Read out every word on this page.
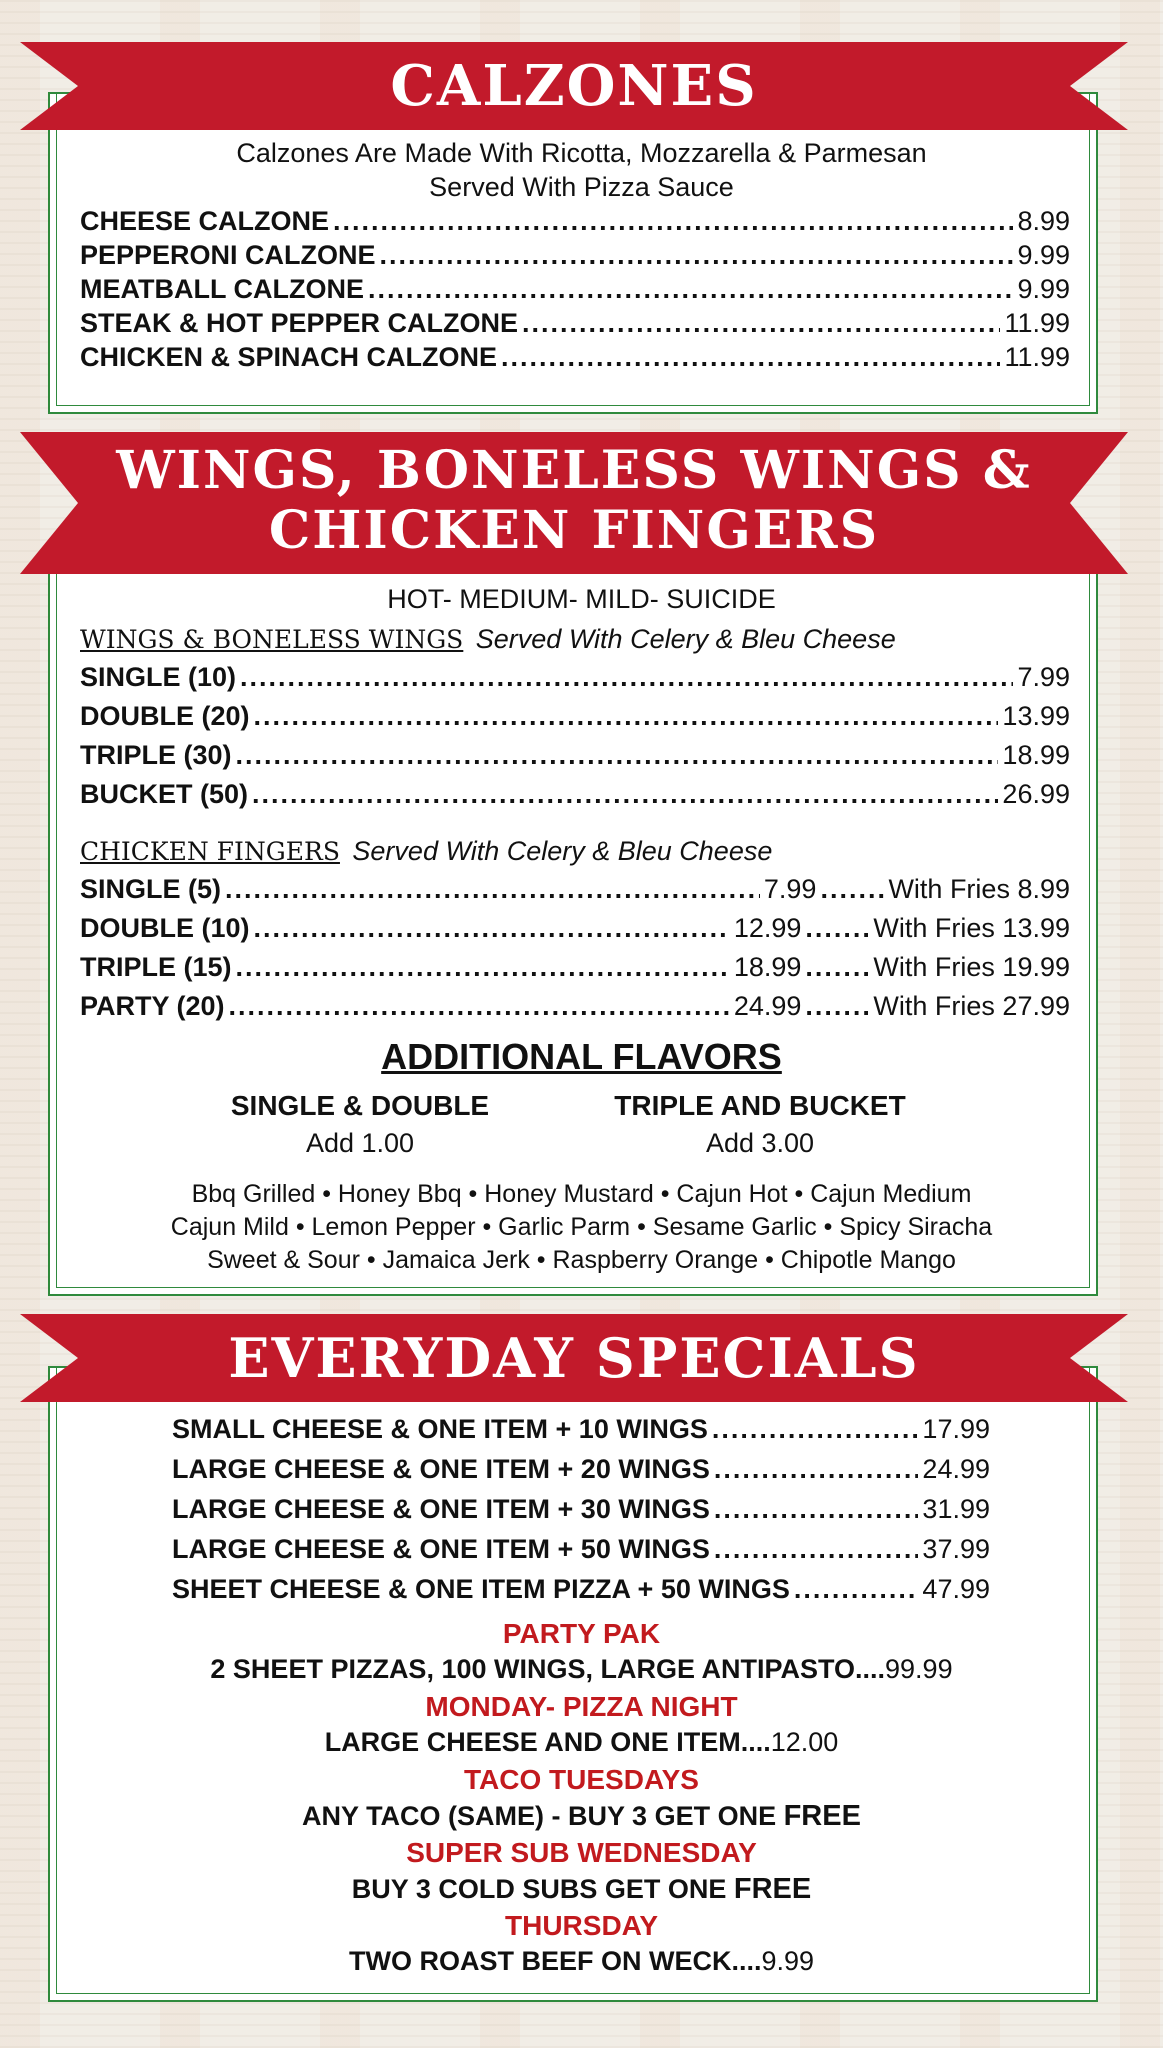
CALZONES
Calzones Are Made With Ricotta, Mozzarella & Parmesan
Served With Pizza Sauce
CHEESE CALZONE .....	8.99
PEPPERONI CALZONE .....	9.99
MEATBALL CALZONE .....	9.99
STEAK & HOT PEPPER CALZONE .....	11.99
CHICKEN & SPINACH CALZONE .....	11.99
WINGS, BONELESS WINGS &
CHICKEN FINGERS
HOT- MEDIUM- MILD- SUICIDE
WINGS & BONELESS WINGS Served With Celery & Bleu Cheese
SINGLE (10) .....	7.99
DOUBLE (20) .....	13.99
TRIPLE (30) .....	18.99
BUCKET (50) .....	26.99
CHICKEN FINGERS Served With Celery & Bleu Cheese
SINGLE (5) .....	7.99 .....	With Fries 8.99
DOUBLE (10) .....	12.99 .....	With Fries 13.99
TRIPLE (15) .....	18.99 .....	With Fries 19.99
PARTY (20) .....	24.99 .....	With Fries 27.99
ADDITIONAL FLAVORS
SINGLE & DOUBLE
Add 1.00
TRIPLE AND BUCKET
Add 3.00
Bbq Grilled • Honey Bbq • Honey Mustard • Cajun Hot • Cajun Medium
Cajun Mild • Lemon Pepper • Garlic Parm • Sesame Garlic • Spicy Siracha
Sweet & Sour • Jamaica Jerk • Raspberry Orange • Chipotle Mango
EVERYDAY SPECIALS
SMALL CHEESE & ONE ITEM + 10 WINGS .....	17.99
LARGE CHEESE & ONE ITEM + 20 WINGS .....	24.99
LARGE CHEESE & ONE ITEM + 30 WINGS .....	31.99
LARGE CHEESE & ONE ITEM + 50 WINGS .....	37.99
SHEET CHEESE & ONE ITEM PIZZA + 50 WINGS .....	47.99
PARTY PAK
2 SHEET PIZZAS, 100 WINGS, LARGE ANTIPASTO....99.99
MONDAY- PIZZA NIGHT
LARGE CHEESE AND ONE ITEM....12.00
TACO TUESDAYS
ANY TACO (SAME) - BUY 3 GET ONE FREE
SUPER SUB WEDNESDAY
BUY 3 COLD SUBS GET ONE FREE
THURSDAY
TWO ROAST BEEF ON WECK....9.99
